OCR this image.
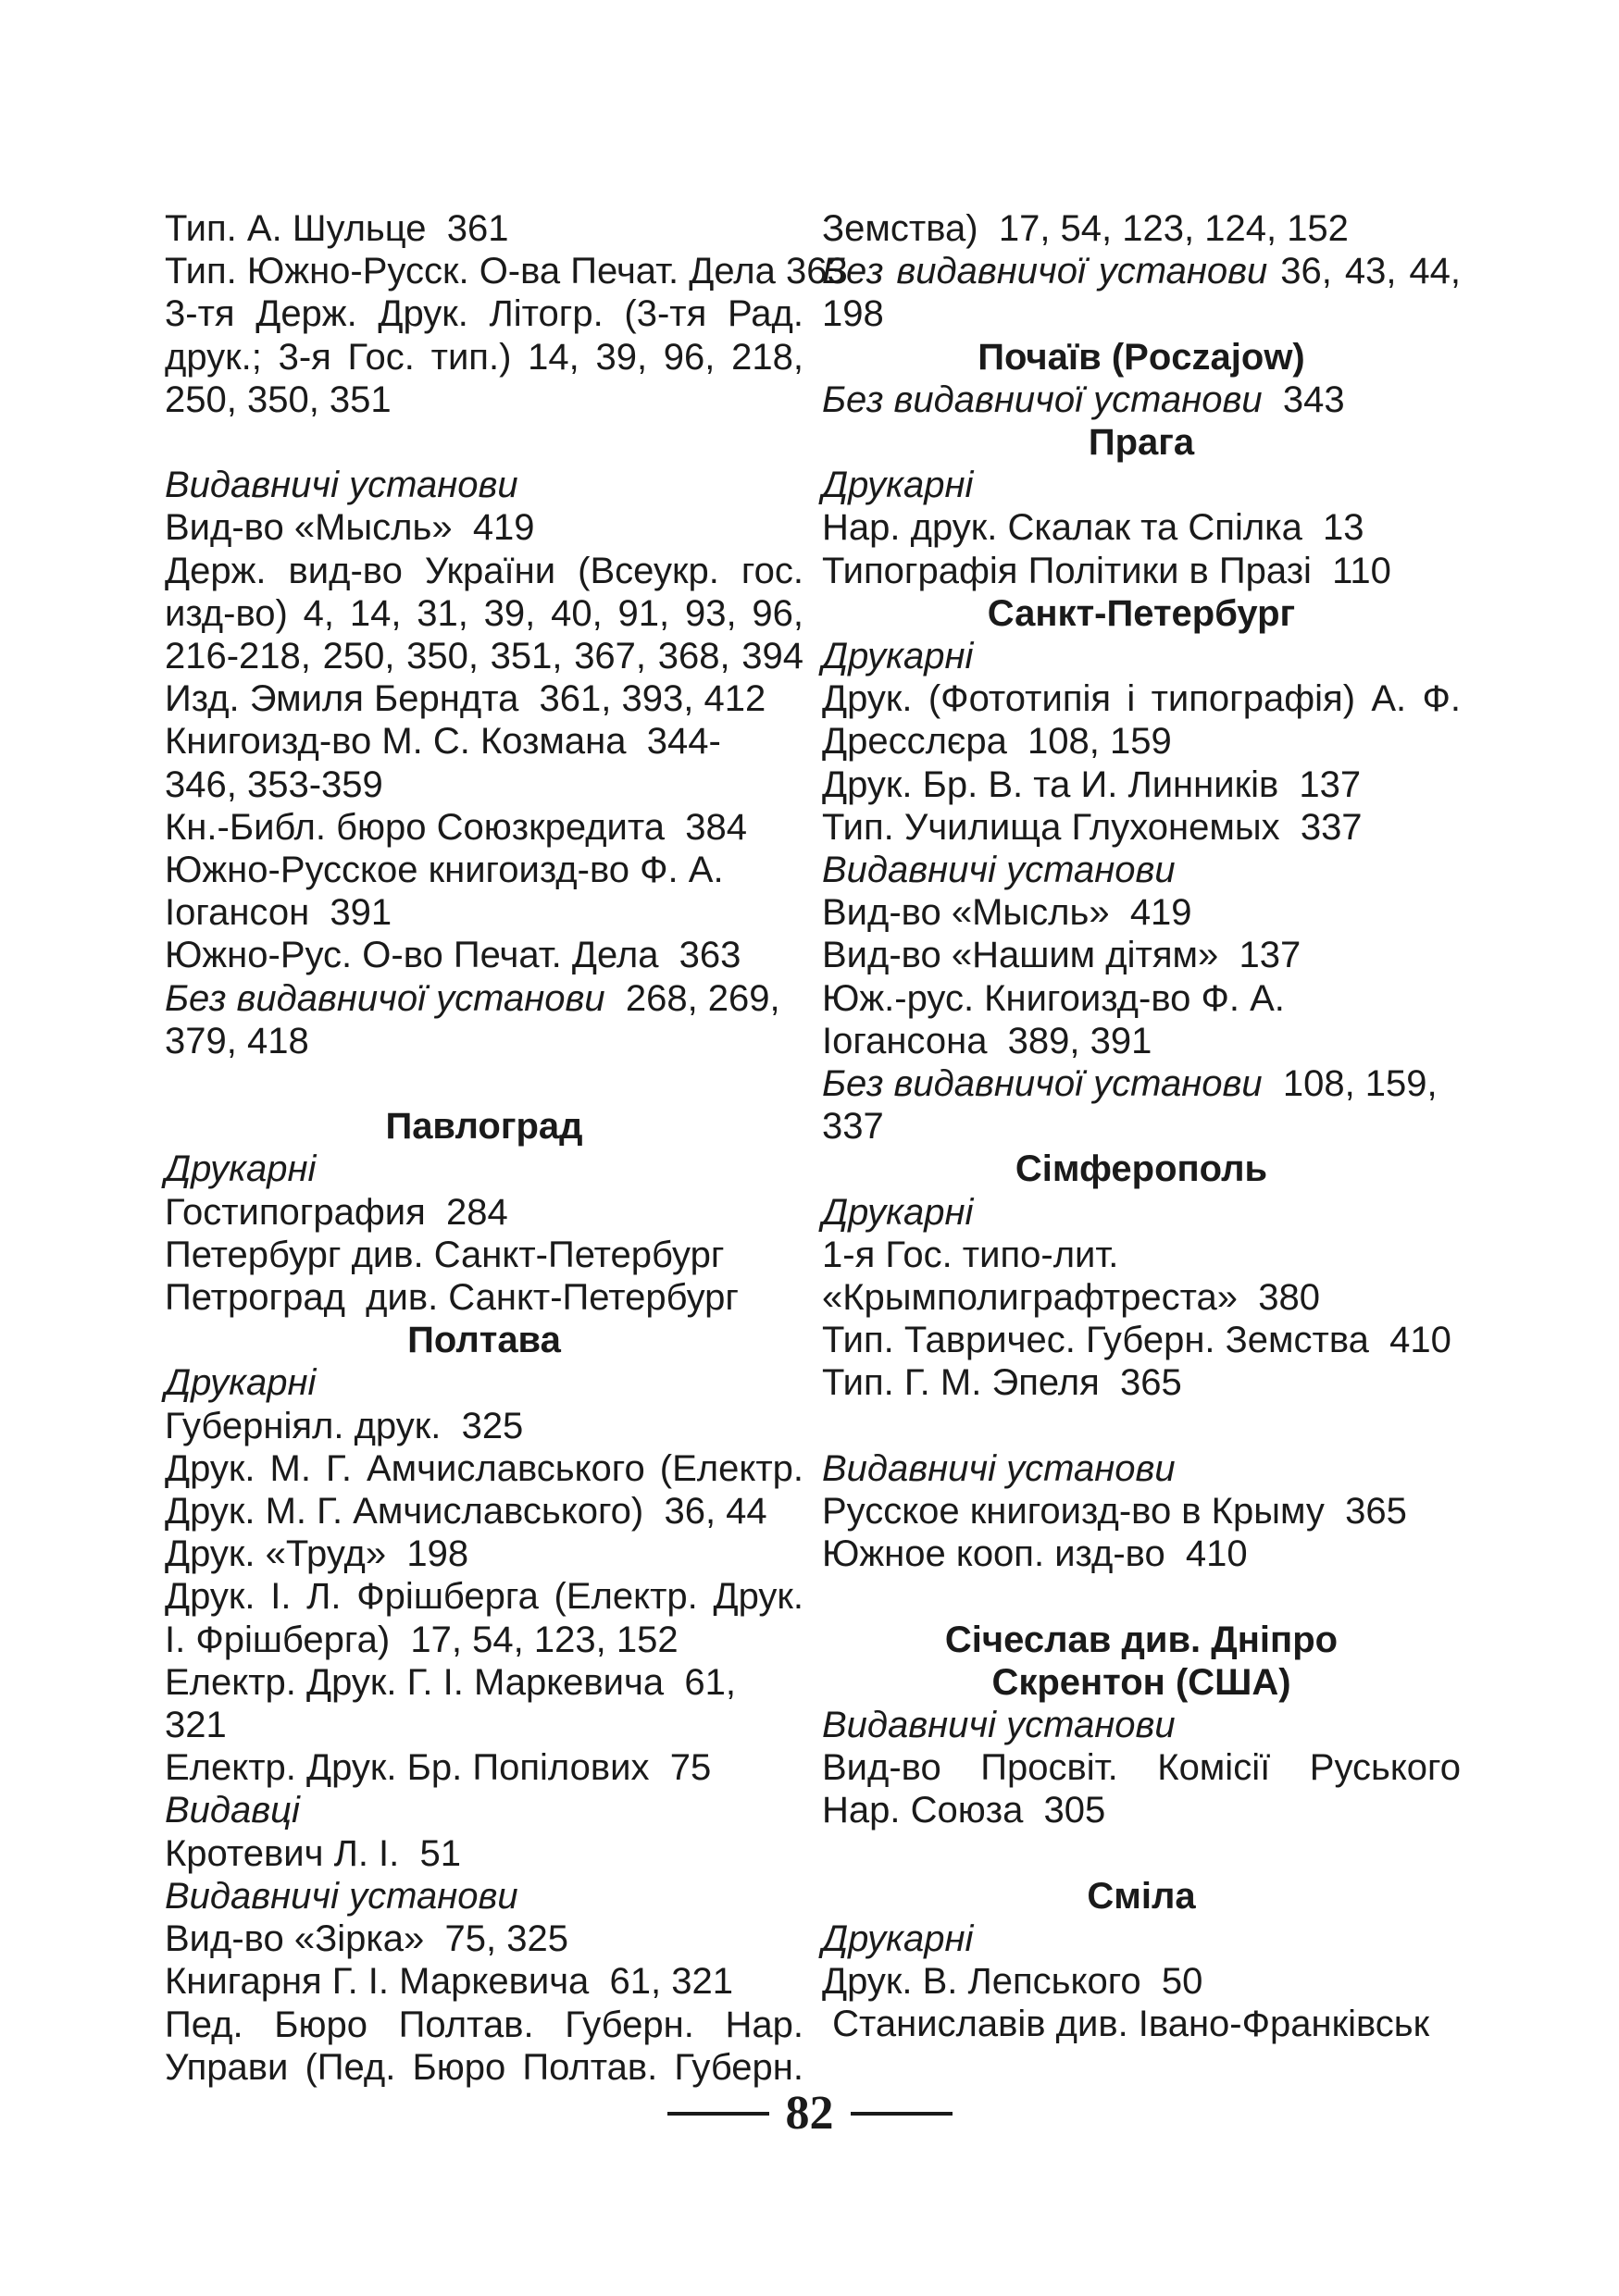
Тип. А. Шульце  361
Тип. Южно-Русск. О-ва Печат. Дела 363
3-тя Держ. Друк. Літогр. (3-тя Рад.
друк.; 3-я Гос. тип.) 14, 39, 96, 218,
250, 350, 351
Видавничі установи
Вид-во «Мысль»  419
Держ. вид-во України (Всеукр. гос.
изд-во) 4, 14, 31, 39, 40, 91, 93, 96,
216-218, 250, 350, 351, 367, 368, 394
Изд. Эмиля Берндта  361, 393, 412
Книгоизд-во М. С. Козмана  344-
346, 353-359
Кн.-Библ. бюро Союзкредита  384
Южно-Русское книгоизд-во Ф. А.
Іогансон  391
Южно-Рус. О-во Печат. Дела  363
Без видавничої установи  268, 269,
379, 418
Павлоград
Друкарні
Гостипография  284
Петербург див. Санкт-Петербург
Петроград  див. Санкт-Петербург
Полтава
Друкарні
Губерніял. друк.  325
Друк. М. Г. Амчиславського (Електр.
Друк. М. Г. Амчиславського)  36, 44
Друк. «Труд»  198
Друк. І. Л. Фрішберга (Електр. Друк.
І. Фрішберга)  17, 54, 123, 152
Електр. Друк. Г. І. Маркевича  61,
321
Електр. Друк. Бр. Попілових  75
Видавці
Кротевич Л. І.  51
Видавничі установи
Вид-во «Зірка»  75, 325
Книгарня Г. І. Маркевича  61, 321
Пед. Бюро Полтав. Губерн. Нар.
Управи (Пед. Бюро Полтав. Губерн.
Земства)  17, 54, 123, 124, 152
Без видавничої установи 36, 43, 44,
198
Почаїв (Poczajow)
Без видавничої установи  343
Прага
Друкарні
Нар. друк. Скалак та Спілка  13
Типографія Політики в Празі  110
Санкт-Петербург
Друкарні
Друк. (Фототипія і типографія) А. Ф.
Дресслєра  108, 159
Друк. Бр. В. та И. Линників  137
Тип. Училища Глухонемых  337
Видавничі установи
Вид-во «Мысль»  419
Вид-во «Нашим дітям»  137
Юж.-рус. Книгоизд-во Ф. А.
Іогансона  389, 391
Без видавничої установи  108, 159,
337
Сімферополь
Друкарні
1-я Гос. типо-лит.
«Крымполиграфтреста»  380
Тип. Тавричес. Губерн. Земства  410
Тип. Г. М. Эпеля  365
Видавничі установи
Русское книгоизд-во в Крыму  365
Южное кооп. изд-во  410
Січеслав див. Дніпро
Скрентон (США)
Видавничі установи
Вид-во Просвіт. Комісії Руського
Нар. Союза  305
Сміла
Друкарні
Друк. В. Лепського  50
Станиславів див. Івано-Франківськ
82
